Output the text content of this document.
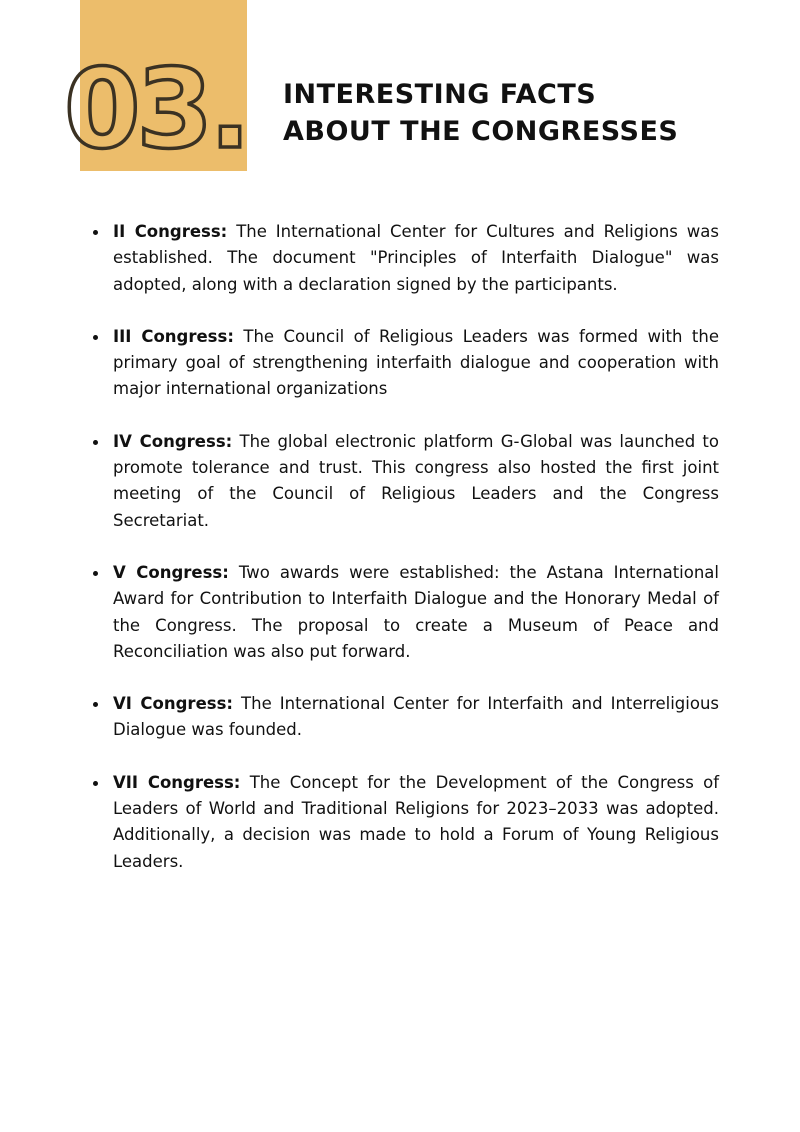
03. INTERESTING FACTS
ABOUT THE CONGRESSES
II Congress: The International Center for Cultures and Religions was established. The document "Principles of Interfaith Dialogue" was adopted, along with a declaration signed by the participants.
III Congress: The Council of Religious Leaders was formed with the primary goal of strengthening interfaith dialogue and cooperation with major international organizations
IV Congress: The global electronic platform G-Global was launched to promote tolerance and trust. This congress also hosted the first joint meeting of the Council of Religious Leaders and the Congress Secretariat.
V Congress: Two awards were established: the Astana International Award for Contribution to Interfaith Dialogue and the Honorary Medal of the Congress. The proposal to create a Museum of Peace and Reconciliation was also put forward.
VI Congress: The International Center for Interfaith and Interreligious Dialogue was founded.
VII Congress: The Concept for the Development of the Congress of Leaders of World and Traditional Religions for 2023–2033 was adopted. Additionally, a decision was made to hold a Forum of Young Religious Leaders.
